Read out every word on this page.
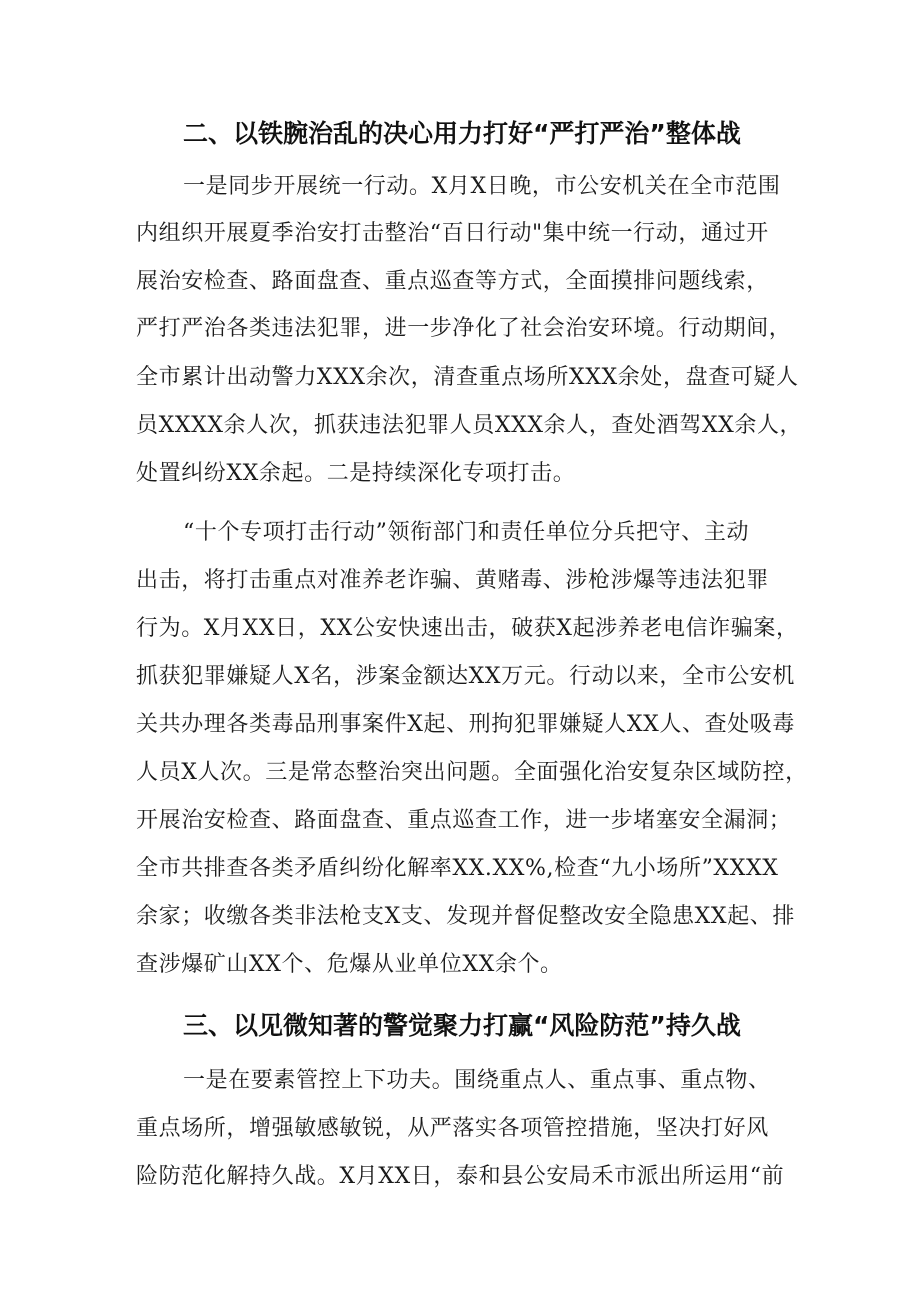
二、以铁腕治乱的决心用力打好“严打严治”整体战
一是同步开展统一行动。X月X日晚，市公安机关在全市范围
内组织开展夏季治安打击整治“百日行动"集中统一行动，通过开
展治安检查、路面盘查、重点巡查等方式，全面摸排问题线索，
严打严治各类违法犯罪，进一步净化了社会治安环境。行动期间，
全市累计出动警力XXX余次，清查重点场所XXX余处，盘查可疑人
员XXXX余人次，抓获违法犯罪人员XXX余人，查处酒驾XX余人，
处置纠纷XX余起。二是持续深化专项打击。
“十个专项打击行动”领衔部门和责任单位分兵把守、主动
出击，将打击重点对准养老诈骗、黄赌毒、涉枪涉爆等违法犯罪
行为。X月XX日，XX公安快速出击，破获X起涉养老电信诈骗案，
抓获犯罪嫌疑人X名，涉案金额达XX万元。行动以来，全市公安机
关共办理各类毒品刑事案件X起、刑拘犯罪嫌疑人XX人、查处吸毒
人员X人次。三是常态整治突出问题。全面强化治安复杂区域防控，
开展治安检查、路面盘查、重点巡查工作，进一步堵塞安全漏洞；
全市共排查各类矛盾纠纷化解率XX.XX%,检查“九小场所”XXXX
余家；收缴各类非法枪支X支、发现并督促整改安全隐患XX起、排
查涉爆矿山XX个、危爆从业单位XX余个。
三、以见微知著的警觉聚力打赢“风险防范”持久战
一是在要素管控上下功夫。围绕重点人、重点事、重点物、
重点场所，增强敏感敏锐，从严落实各项管控措施，坚决打好风
险防范化解持久战。X月XX日，泰和县公安局禾市派出所运用“前
